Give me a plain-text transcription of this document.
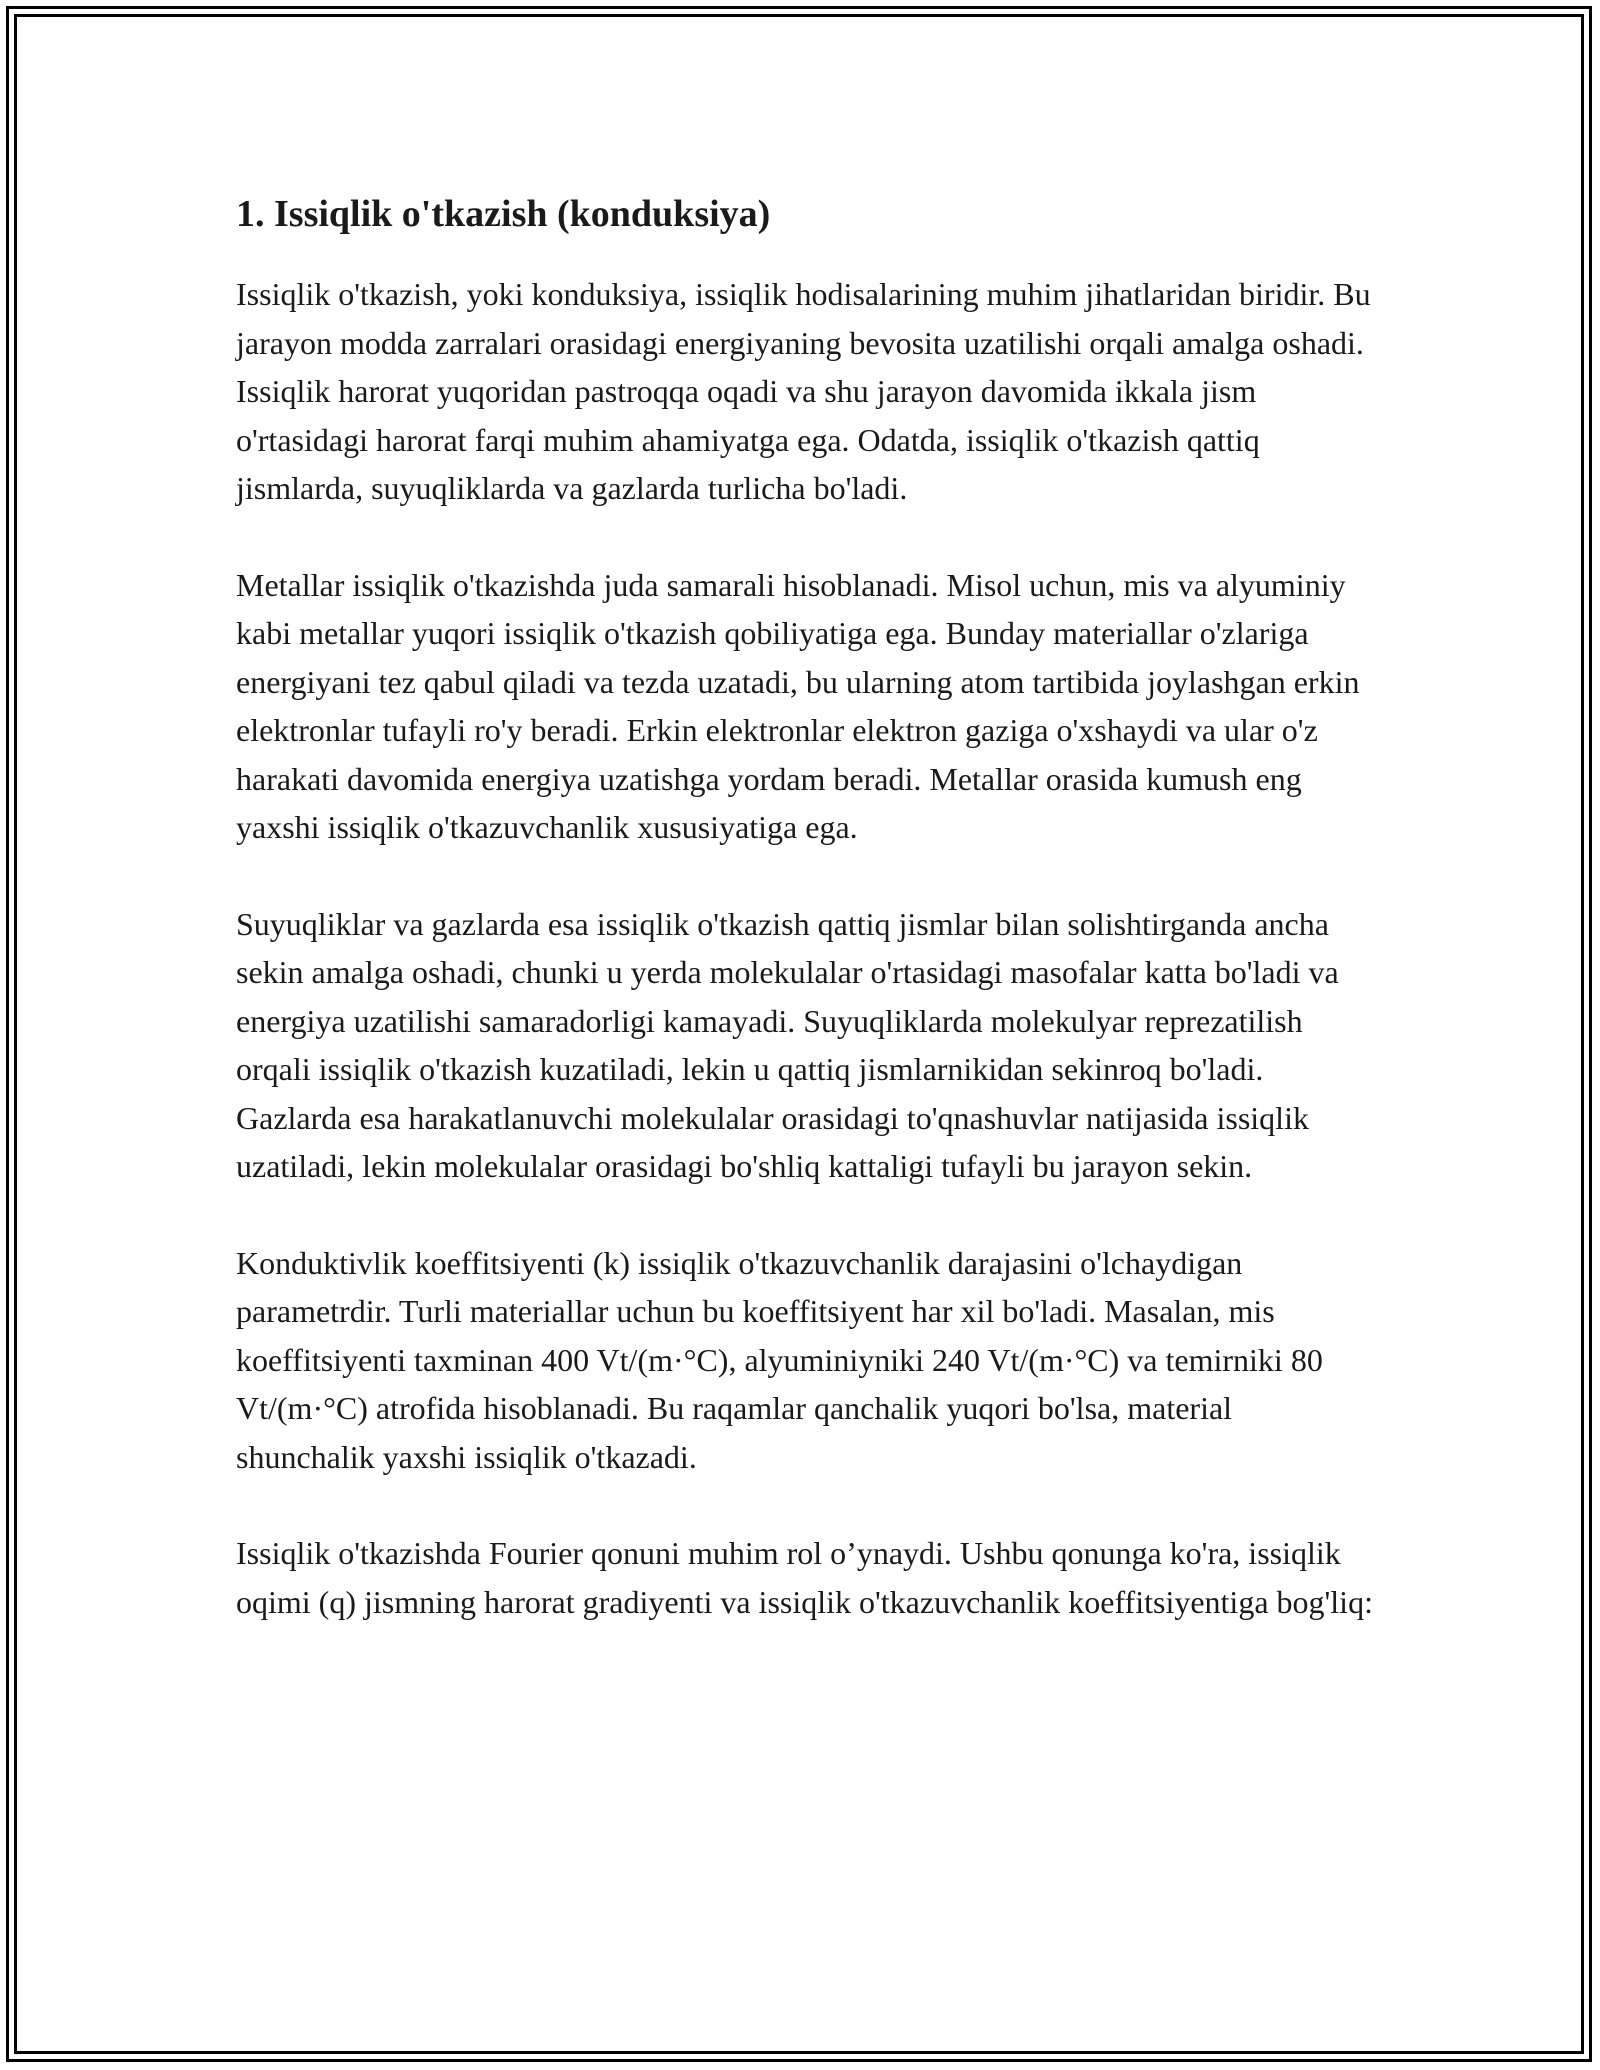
1. Issiqlik o'tkazish (konduksiya)

Issiqlik o'tkazish, yoki konduksiya, issiqlik hodisalarining muhim jihatlaridan biridir. Bu jarayon modda zarralari orasidagi energiyaning bevosita uzatilishi orqali amalga oshadi. Issiqlik harorat yuqoridan pastroqqa oqadi va shu jarayon davomida ikkala jism o'rtasidagi harorat farqi muhim ahamiyatga ega. Odatda, issiqlik o'tkazish qattiq jismlarda, suyuqliklarda va gazlarda turlicha bo'ladi.

Metallar issiqlik o'tkazishda juda samarali hisoblanadi. Misol uchun, mis va alyuminiy kabi metallar yuqori issiqlik o'tkazish qobiliyatiga ega. Bunday materiallar o'zlariga energiyani tez qabul qiladi va tezda uzatadi, bu ularning atom tartibida joylashgan erkin elektronlar tufayli ro'y beradi. Erkin elektronlar elektron gaziga o'xshaydi va ular o'z harakati davomida energiya uzatishga yordam beradi. Metallar orasida kumush eng yaxshi issiqlik o'tkazuvchanlik xususiyatiga ega.

Suyuqliklar va gazlarda esa issiqlik o'tkazish qattiq jismlar bilan solishtirganda ancha sekin amalga oshadi, chunki u yerda molekulalar o'rtasidagi masofalar katta bo'ladi va energiya uzatilishi samaradorligi kamayadi. Suyuqliklarda molekulyar reprezatilish orqali issiqlik o'tkazish kuzatiladi, lekin u qattiq jismlarnikidan sekinroq bo'ladi. Gazlarda esa harakatlanuvchi molekulalar orasidagi to'qnashuvlar natijasida issiqlik uzatiladi, lekin molekulalar orasidagi bo'shliq kattaligi tufayli bu jarayon sekin.

Konduktivlik koeffitsiyenti (k) issiqlik o'tkazuvchanlik darajasini o'lchaydigan parametrdir. Turli materiallar uchun bu koeffitsiyent har xil bo'ladi. Masalan, mis koeffitsiyenti taxminan 400 Vt/(m·°C), alyuminiyniki 240 Vt/(m·°C) va temirniki 80 Vt/(m·°C) atrofida hisoblanadi. Bu raqamlar qanchalik yuqori bo'lsa, material shunchalik yaxshi issiqlik o'tkazadi.

Issiqlik o'tkazishda Fourier qonuni muhim rol o’ynaydi. Ushbu qonunga ko'ra, issiqlik oqimi (q) jismning harorat gradiyenti va issiqlik o'tkazuvchanlik koeffitsiyentiga bog'liq:
